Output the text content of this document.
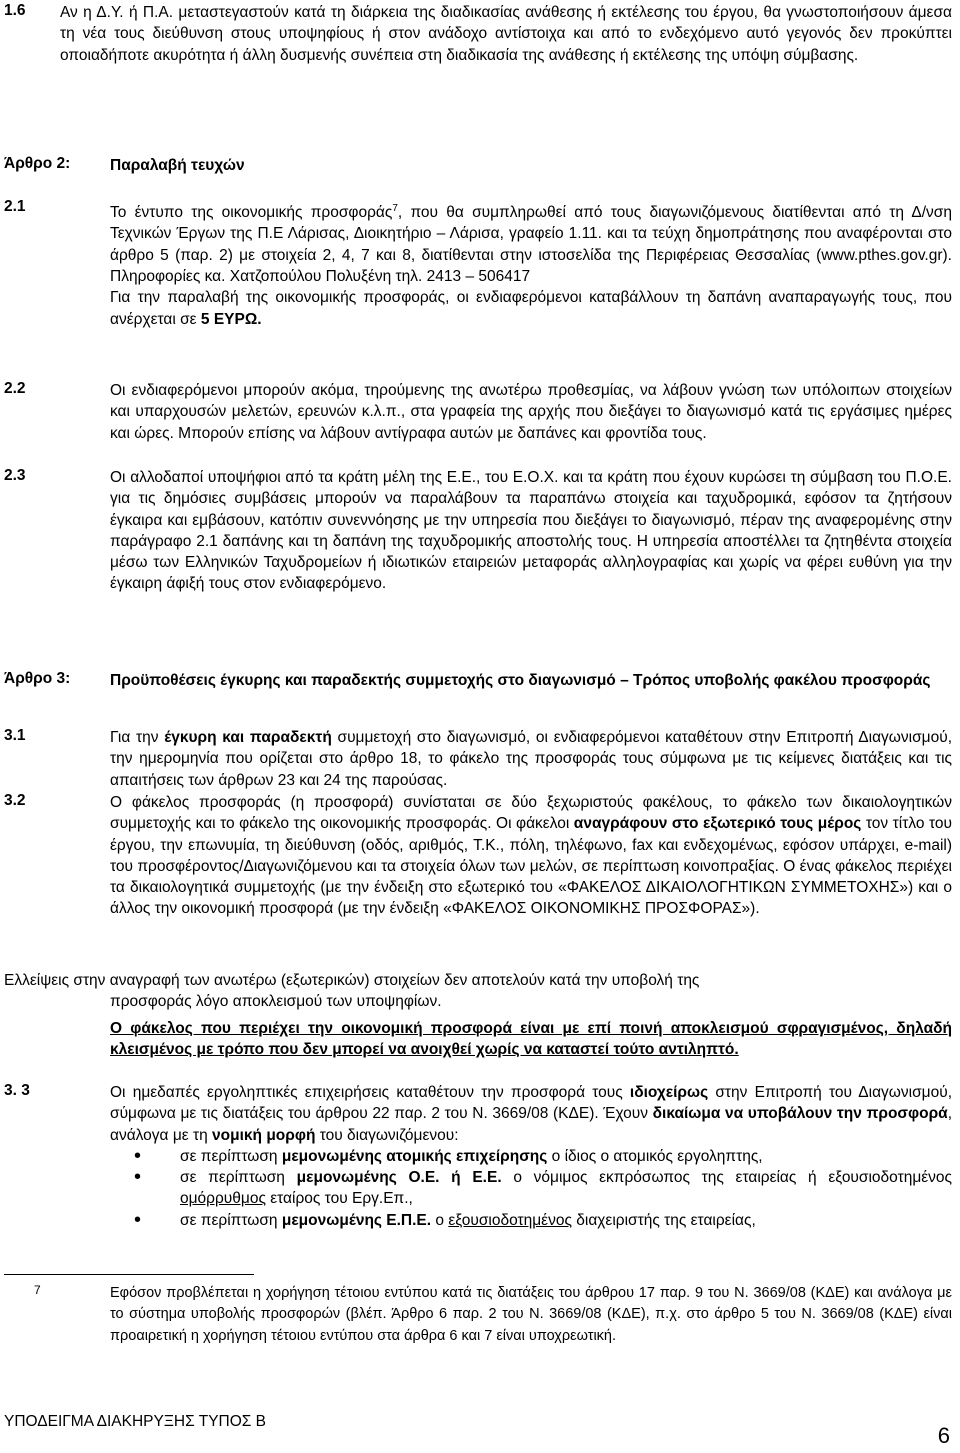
1.6 Αν η Δ.Υ. ή Π.Α. μεταστεγαστούν κατά τη διάρκεια της διαδικασίας ανάθεσης ή εκτέλεσης του έργου, θα γνωστοποιήσουν άμεσα τη νέα τους διεύθυνση στους υποψηφίους ή στον ανάδοχο αντίστοιχα και από το ενδεχόμενο αυτό γεγονός δεν προκύπτει οποιαδήποτε ακυρότητα ή άλλη δυσμενής συνέπεια στη διαδικασία της ανάθεσης ή εκτέλεσης της υπόψη σύμβασης.

Άρθρο 2:	Παραλαβή τευχών
2.1	Το έντυπο της οικονομικής προσφοράς$^7$, που θα συμπληρωθεί από τους διαγωνιζόμενους διατίθενται από τη Δ/νση Τεχνικών Έργων της Π.Ε Λάρισας, Διοικητήριο – Λάρισα, γραφείο 1.11. και τα τεύχη δημοπράτησης που αναφέρονται στο άρθρο 5 (παρ. 2) με στοιχεία 2, 4, 7 και 8, διατίθενται στην ιστοσελίδα της Περιφέρειας Θεσσαλίας (www.pthes.gov.gr). Πληροφορίες κα. Χατζοπούλου Πολυξένη τηλ. 2413 – 506417

Για την παραλαβή της οικονομικής προσφοράς, οι ενδιαφερόμενοι καταβάλλουν τη δαπάνη αναπαραγωγής τους, που ανέρχεται σε 5 ΕΥΡΩ.

2.2	Οι ενδιαφερόμενοι μπορούν ακόμα, τηρούμενης της ανωτέρω προθεσμίας, να λάβουν γνώση των υπόλοιπων στοιχείων και υπαρχουσών μελετών, ερευνών κ.λ.π., στα γραφεία της αρχής που διεξάγει το διαγωνισμό κατά τις εργάσιμες ημέρες και ώρες. Μπορούν επίσης να λάβουν αντίγραφα αυτών με δαπάνες και φροντίδα τους.

2.3	Οι αλλοδαποί υποψήφιοι από τα κράτη μέλη της Ε.Ε., του Ε.Ο.Χ. και τα κράτη που έχουν κυρώσει τη σύμβαση του Π.Ο.Ε. για τις δημόσιες συμβάσεις μπορούν να παραλάβουν τα παραπάνω στοιχεία και ταχυδρομικά, εφόσον τα ζητήσουν έγκαιρα και εμβάσουν, κατόπιν συνεννόησης με την υπηρεσία που διεξάγει το διαγωνισμό, πέραν της αναφερομένης στην παράγραφο 2.1 δαπάνης και τη δαπάνη της ταχυδρομικής αποστολής τους. Η υπηρεσία αποστέλλει τα ζητηθέντα στοιχεία μέσω των Ελληνικών Ταχυδρομείων ή ιδιωτικών εταιρειών μεταφοράς αλληλογραφίας και χωρίς να φέρει ευθύνη για την έγκαιρη άφιξή τους στον ενδιαφερόμενο.

Άρθρο 3:	Προϋποθέσεις έγκυρης και παραδεκτής συμμετοχής στο διαγωνισμό – Τρόπος υποβολής φακέλου προσφοράς
3.1	Για την έγκυρη και παραδεκτή συμμετοχή στο διαγωνισμό, οι ενδιαφερόμενοι καταθέτουν στην Επιτροπή Διαγωνισμού, την ημερομηνία που ορίζεται στο άρθρο 18, το φάκελο της προσφοράς τους σύμφωνα με τις κείμενες διατάξεις και τις απαιτήσεις των άρθρων 23 και 24 της παρούσας.

3.2	Ο φάκελος προσφοράς (η προσφορά) συνίσταται σε δύο ξεχωριστούς φακέλους, το φάκελο των δικαιολογητικών συμμετοχής και το φάκελο της οικονομικής προσφοράς. Οι φάκελοι αναγράφουν στο εξωτερικό τους μέρος τον τίτλο του έργου, την επωνυμία, τη διεύθυνση (οδός, αριθμός, Τ.Κ., πόλη, τηλέφωνο, fax και ενδεχομένως, εφόσον υπάρχει, e-mail) του προσφέροντος/Διαγωνιζόμενου και τα στοιχεία όλων των μελών, σε περίπτωση κοινοπραξίας. Ο ένας φάκελος περιέχει τα δικαιολογητικά συμμετοχής (με την ένδειξη στο εξωτερικό του «ΦΑΚΕΛΟΣ ΔΙΚΑΙΟΛΟΓΗΤΙΚΩΝ ΣΥΜΜΕΤΟΧΗΣ») και ο άλλος την οικονομική προσφορά (με την ένδειξη «ΦΑΚΕΛΟΣ ΟΙΚΟΝΟΜΙΚΗΣ ΠΡΟΣΦΟΡΑΣ»).

Ελλείψεις στην αναγραφή των ανωτέρω (εξωτερικών) στοιχείων δεν αποτελούν κατά την υποβολή της
προσφοράς λόγο αποκλεισμού των υποψηφίων.
Ο φάκελος που περιέχει την οικονομική προσφορά είναι με επί ποινή αποκλεισμού σφραγισμένος, δηλαδή κλεισμένος με τρόπο που δεν μπορεί να ανοιχθεί χωρίς να καταστεί τούτο αντιληπτό.
3. 3	Οι ημεδαπές εργοληπτικές επιχειρήσεις καταθέτουν την προσφορά τους ιδιοχείρως στην Επιτροπή του Διαγωνισμού, σύμφωνα με τις διατάξεις του άρθρου 22 παρ. 2 του Ν. 3669/08 (ΚΔΕ). Έχουν δικαίωμα να υποβάλουν την προσφορά, ανάλογα με τη νομική μορφή του διαγωνιζόμενου:

• σε περίπτωση μεμονωμένης ατομικής επιχείρησης ο ίδιος ο ατομικός εργοληπτης,
• σε περίπτωση μεμονωμένης Ο.Ε. ή Ε.Ε. ο νόμιμος εκπρόσωπος της εταιρείας ή εξουσιοδοτημένος ομόρρυθμος εταίρος του Εργ.Επ.,
• σε περίπτωση μεμονωμένης Ε.Π.Ε. ο εξουσιοδοτημένος διαχειριστής της εταιρείας,
7	Εφόσον προβλέπεται η χορήγηση τέτοιου εντύπου κατά τις διατάξεις του άρθρου 17 παρ. 9 του Ν. 3669/08 (ΚΔΕ) και ανάλογα με το σύστημα υποβολής προσφορών (βλέπ. Άρθρο 6 παρ. 2 του Ν. 3669/08 (ΚΔΕ), π.χ. στο άρθρο 5 του Ν. 3669/08 (ΚΔΕ) είναι προαιρετική η χορήγηση τέτοιου εντύπου στα άρθρα 6 και 7 είναι υποχρεωτική.
ΥΠΟΔΕΙΓΜΑ ΔΙΑΚΗΡΥΞΗΣ ΤΥΠΟΣ Β
6
